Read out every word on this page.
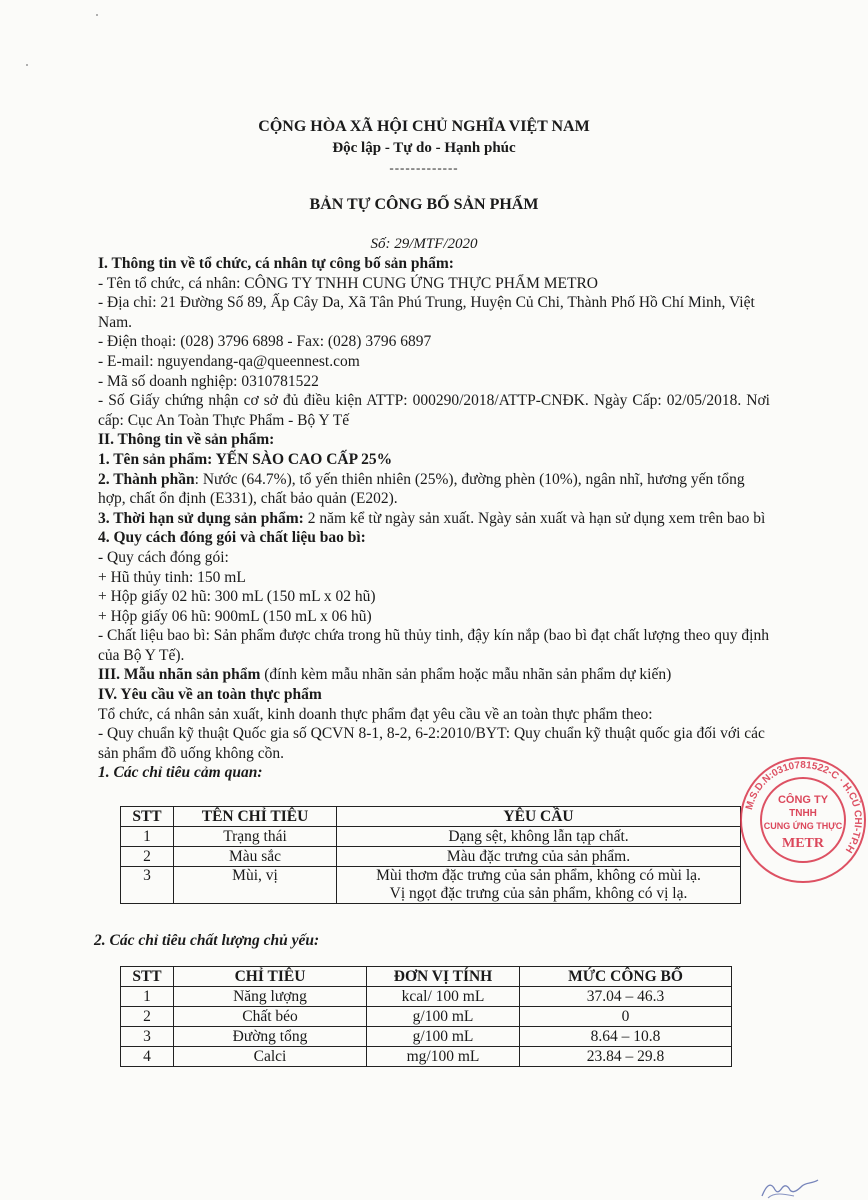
CỘNG HÒA XÃ HỘI CHỦ NGHĨA VIỆT NAM
Độc lập - Tự do - Hạnh phúc
-------------
BẢN TỰ CÔNG BỐ SẢN PHẨM
Số: 29/MTF/2020

I. Thông tin về tổ chức, cá nhân tự công bố sản phẩm:

- Tên tổ chức, cá nhân: CÔNG TY TNHH CUNG ỨNG THỰC PHẨM METRO

- Địa chỉ: 21 Đường Số 89, Ấp Cây Da, Xã Tân Phú Trung, Huyện Củ Chi, Thành Phố Hồ Chí Minh, Việt Nam.

- Điện thoại: (028) 3796 6898 - Fax: (028) 3796 6897

- E-mail: nguyendang-qa@queennest.com

- Mã số doanh nghiệp: 0310781522

- Số Giấy chứng nhận cơ sở đủ điều kiện ATTP: 000290/2018/ATTP-CNĐK. Ngày Cấp: 02/05/2018. Nơi cấp: Cục An Toàn Thực Phẩm - Bộ Y Tế

II. Thông tin về sản phẩm:

1. Tên sản phẩm: YẾN SÀO CAO CẤP 25%

2. Thành phần: Nước (64.7%), tổ yến thiên nhiên (25%), đường phèn (10%), ngân nhĩ, hương yến tổng hợp, chất ổn định (E331), chất bảo quản (E202).

3. Thời hạn sử dụng sản phẩm: 2 năm kể từ ngày sản xuất. Ngày sản xuất và hạn sử dụng xem trên bao bì

4. Quy cách đóng gói và chất liệu bao bì:

- Quy cách đóng gói:

+ Hũ thủy tinh: 150 mL

+ Hộp giấy 02 hũ: 300 mL (150 mL x 02 hũ)

+ Hộp giấy 06 hũ: 900mL (150 mL x 06 hũ)

- Chất liệu bao bì: Sản phẩm được chứa trong hũ thủy tinh, đậy kín nắp (bao bì đạt chất lượng theo quy định của Bộ Y Tế).

III. Mẫu nhãn sản phẩm (đính kèm mẫu nhãn sản phẩm hoặc mẫu nhãn sản phẩm dự kiến)

IV. Yêu cầu về an toàn thực phẩm

Tổ chức, cá nhân sản xuất, kinh doanh thực phẩm đạt yêu cầu về an toàn thực phẩm theo:

- Quy chuẩn kỹ thuật Quốc gia số QCVN 8-1, 8-2, 6-2:2010/BYT: Quy chuẩn kỹ thuật quốc gia đối với các sản phẩm đồ uống không cồn.

1. Các chỉ tiêu cảm quan:

STT	TÊN CHỈ TIÊU	YÊU CẦU
1	Trạng thái	Dạng sệt, không lẫn tạp chất.
2	Màu sắc	Màu đặc trưng của sản phẩm.
3	Mùi, vị	Mùi thơm đặc trưng của sản phẩm, không có mùi lạ.
Vị ngọt đặc trưng của sản phẩm, không có vị lạ.
2. Các chỉ tiêu chất lượng chủ yếu:
STT	CHỈ TIÊU	ĐƠN VỊ TÍNH	MỨC CÔNG BỐ
1	Năng lượng	kcal/ 100 mL	37.04 – 46.3
2	Chất béo	g/100 mL	0
3	Đường tổng	g/100 mL	8.64 – 10.8
4	Calci	mg/100 mL	23.84 – 29.8
M.S.D.N:0310781522-C · H.CỦ CHI-TP.H
CÔNG TY
TNHH
CUNG ỨNG THỰC
METR
